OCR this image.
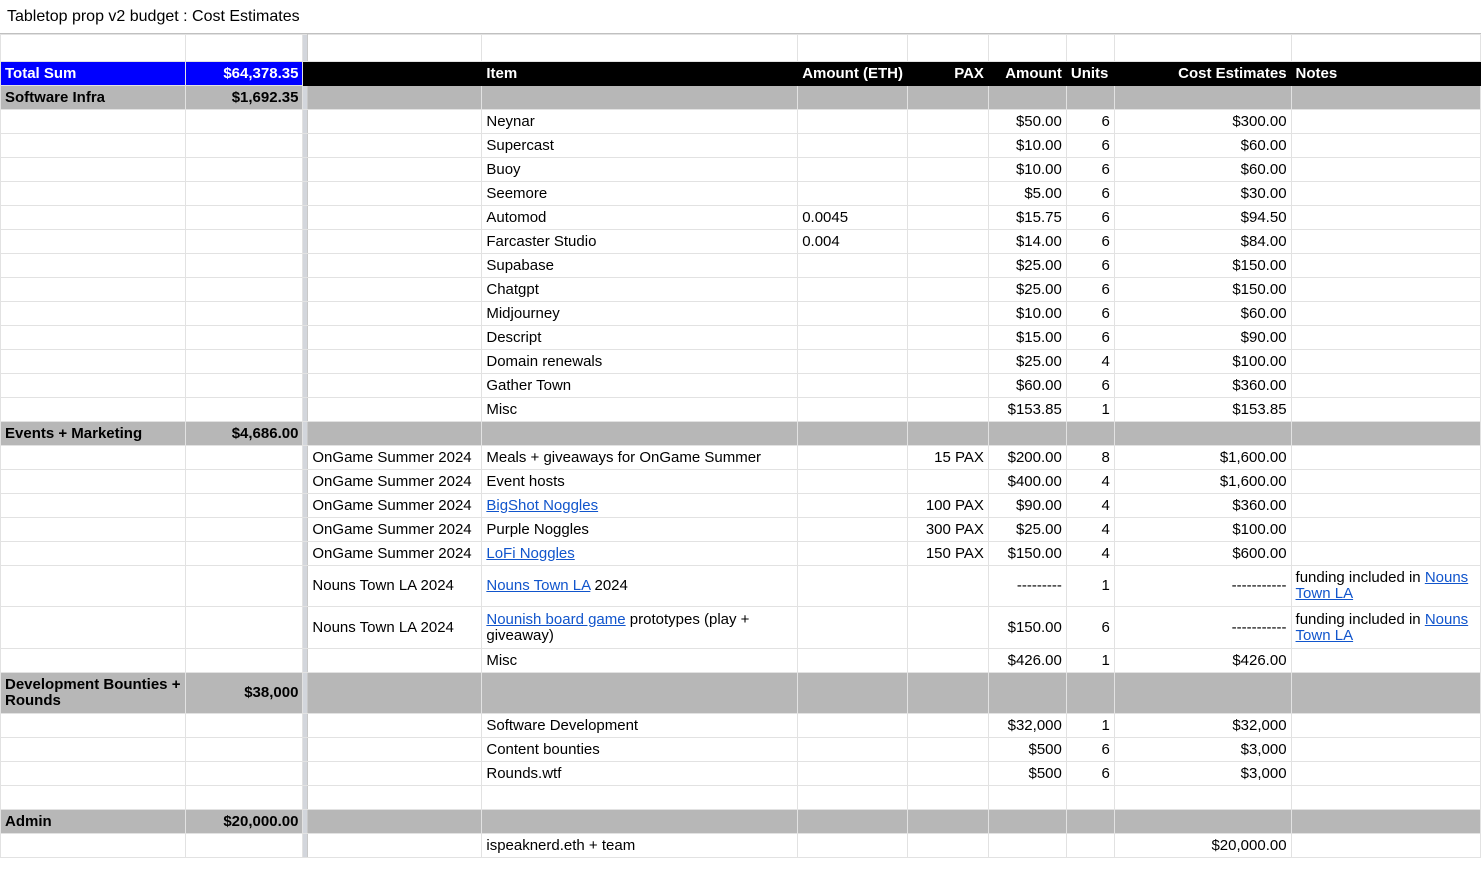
Tabletop prop v2 budget : Cost Estimates

Total Sum	$64,378.35			Item	Amount (ETH)	PAX	Amount	Units	Cost Estimates	Notes
Software Infra	$1,692.35									
				Neynar			$50.00	6	$300.00	
				Supercast			$10.00	6	$60.00	
				Buoy			$10.00	6	$60.00	
				Seemore			$5.00	6	$30.00	
				Automod	0.0045		$15.75	6	$94.50	
				Farcaster Studio	0.004		$14.00	6	$84.00	
				Supabase			$25.00	6	$150.00	
				Chatgpt			$25.00	6	$150.00	
				Midjourney			$10.00	6	$60.00	
				Descript			$15.00	6	$90.00	
				Domain renewals			$25.00	4	$100.00	
				Gather Town			$60.00	6	$360.00	
				Misc			$153.85	1	$153.85	
Events + Marketing	$4,686.00									
			OnGame Summer 2024	Meals + giveaways for OnGame Summer		15 PAX	$200.00	8	$1,600.00	
			OnGame Summer 2024	Event hosts			$400.00	4	$1,600.00	
			OnGame Summer 2024	BigShot Noggles		100 PAX	$90.00	4	$360.00	
			OnGame Summer 2024	Purple Noggles		300 PAX	$25.00	4	$100.00	
			OnGame Summer 2024	LoFi Noggles		150 PAX	$150.00	4	$600.00	
			Nouns Town LA 2024	Nouns Town LA 2024			---------	1	-----------	funding included in Nouns Town LA
			Nouns Town LA 2024	Nounish board game prototypes (play + giveaway)			$150.00	6	-----------	funding included in Nouns Town LA
				Misc			$426.00	1	$426.00	
Development Bounties + Rounds	$38,000									
				Software Development			$32,000	1	$32,000	
				Content bounties			$500	6	$3,000	
				Rounds.wtf			$500	6	$3,000	

Admin	$20,000.00									
				ispeaknerd.eth + team					$20,000.00	
